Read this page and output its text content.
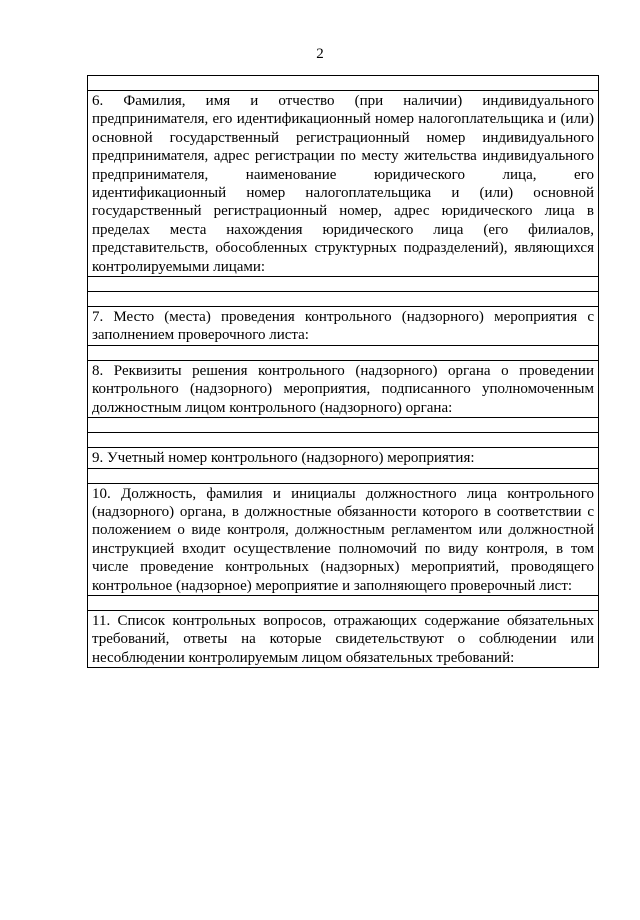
2
6. Фамилия, имя и отчество (при наличии) индивидуального предпринимателя, его идентификационный номер налогоплательщика и (или) основной государственный регистрационный номер индивидуального предпринимателя, адрес регистрации по месту жительства индивидуального предпринимателя, наименование юридического лица, его идентификационный номер налогоплательщика и (или) основной государственный регистрационный номер, адрес юридического лица в пределах места нахождения юридического лица (его филиалов, представительств, обособленных структурных подразделений), являющихся контролируемыми лицами:
7. Место (места) проведения контрольного (надзорного) мероприятия с заполнением проверочного листа:
8. Реквизиты решения контрольного (надзорного) органа о проведении контрольного (надзорного) мероприятия, подписанного уполномоченным должностным лицом контрольного (надзорного) органа:
9. Учетный номер контрольного (надзорного) мероприятия:
10. Должность, фамилия и инициалы должностного лица контрольного (надзорного) органа, в должностные обязанности которого в соответствии с положением о виде контроля, должностным регламентом или должностной инструкцией входит осуществление полномочий по виду контроля, в том числе проведение контрольных (надзорных) мероприятий, проводящего контрольное (надзорное) мероприятие и заполняющего проверочный лист:
11. Список контрольных вопросов, отражающих содержание обязательных требований, ответы на которые свидетельствуют о соблюдении или несоблюдении контролируемым лицом обязательных требований:
